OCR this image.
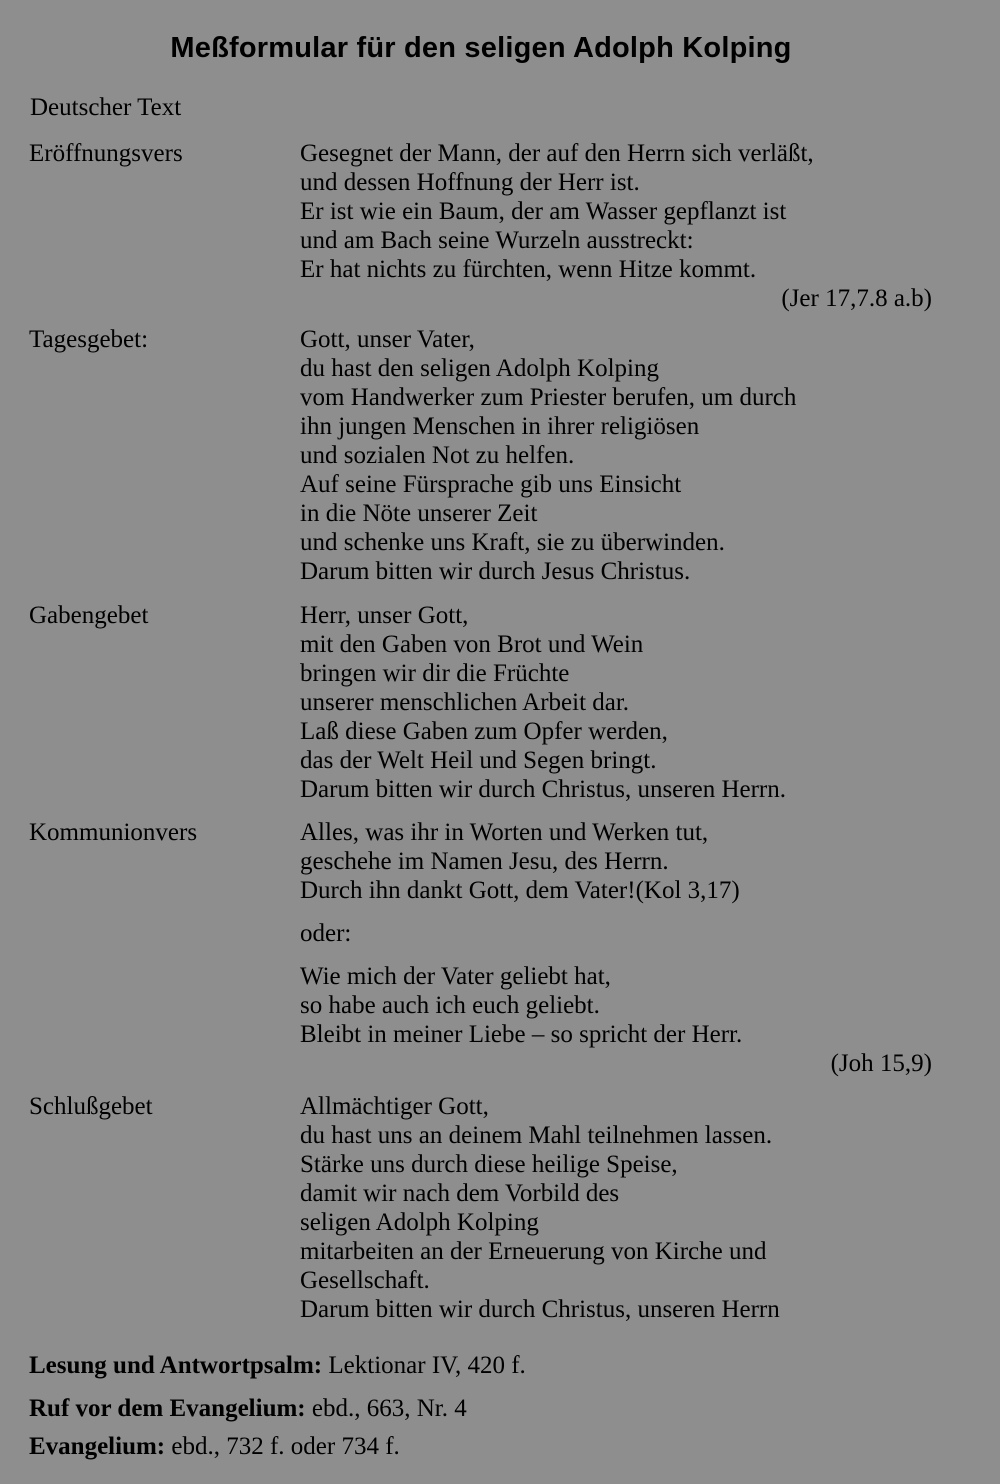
Meßformular für den seligen Adolph Kolping
Deutscher Text
Eröffnungsvers	Gesegnet der Mann, der auf den Herrn sich verläßt,
und dessen Hoffnung der Herr ist.
Er ist wie ein Baum, der am Wasser gepflanzt ist
und am Bach seine Wurzeln ausstreckt:
Er hat nichts zu fürchten, wenn Hitze kommt.
(Jer 17,7.8 a.b)
Tagesgebet:	Gott, unser Vater,
du hast den seligen Adolph Kolping
vom Handwerker zum Priester berufen, um durch
ihn jungen Menschen in ihrer religiösen
und sozialen Not zu helfen.
Auf seine Fürsprache gib uns Einsicht
in die Nöte unserer Zeit
und schenke uns Kraft, sie zu überwinden.
Darum bitten wir durch Jesus Christus.
Gabengebet	Herr, unser Gott,
mit den Gaben von Brot und Wein
bringen wir dir die Früchte
unserer menschlichen Arbeit dar.
Laß diese Gaben zum Opfer werden,
das der Welt Heil und Segen bringt.
Darum bitten wir durch Christus, unseren Herrn.
Kommunionvers	Alles, was ihr in Worten und Werken tut,
geschehe im Namen Jesu, des Herrn.
Durch ihn dankt Gott, dem Vater!(Kol 3,17)
oder:
Wie mich der Vater geliebt hat,
so habe auch ich euch geliebt.
Bleibt in meiner Liebe – so spricht der Herr.
(Joh 15,9)
Schlußgebet	Allmächtiger Gott,
du hast uns an deinem Mahl teilnehmen lassen.
Stärke uns durch diese heilige Speise,
damit wir nach dem Vorbild des
seligen Adolph Kolping
mitarbeiten an der Erneuerung von Kirche und
Gesellschaft.
Darum bitten wir durch Christus, unseren Herrn
Lesung und Antwortpsalm: Lektionar IV, 420 f.
Ruf vor dem Evangelium: ebd., 663, Nr. 4
Evangelium: ebd., 732 f. oder 734 f.
